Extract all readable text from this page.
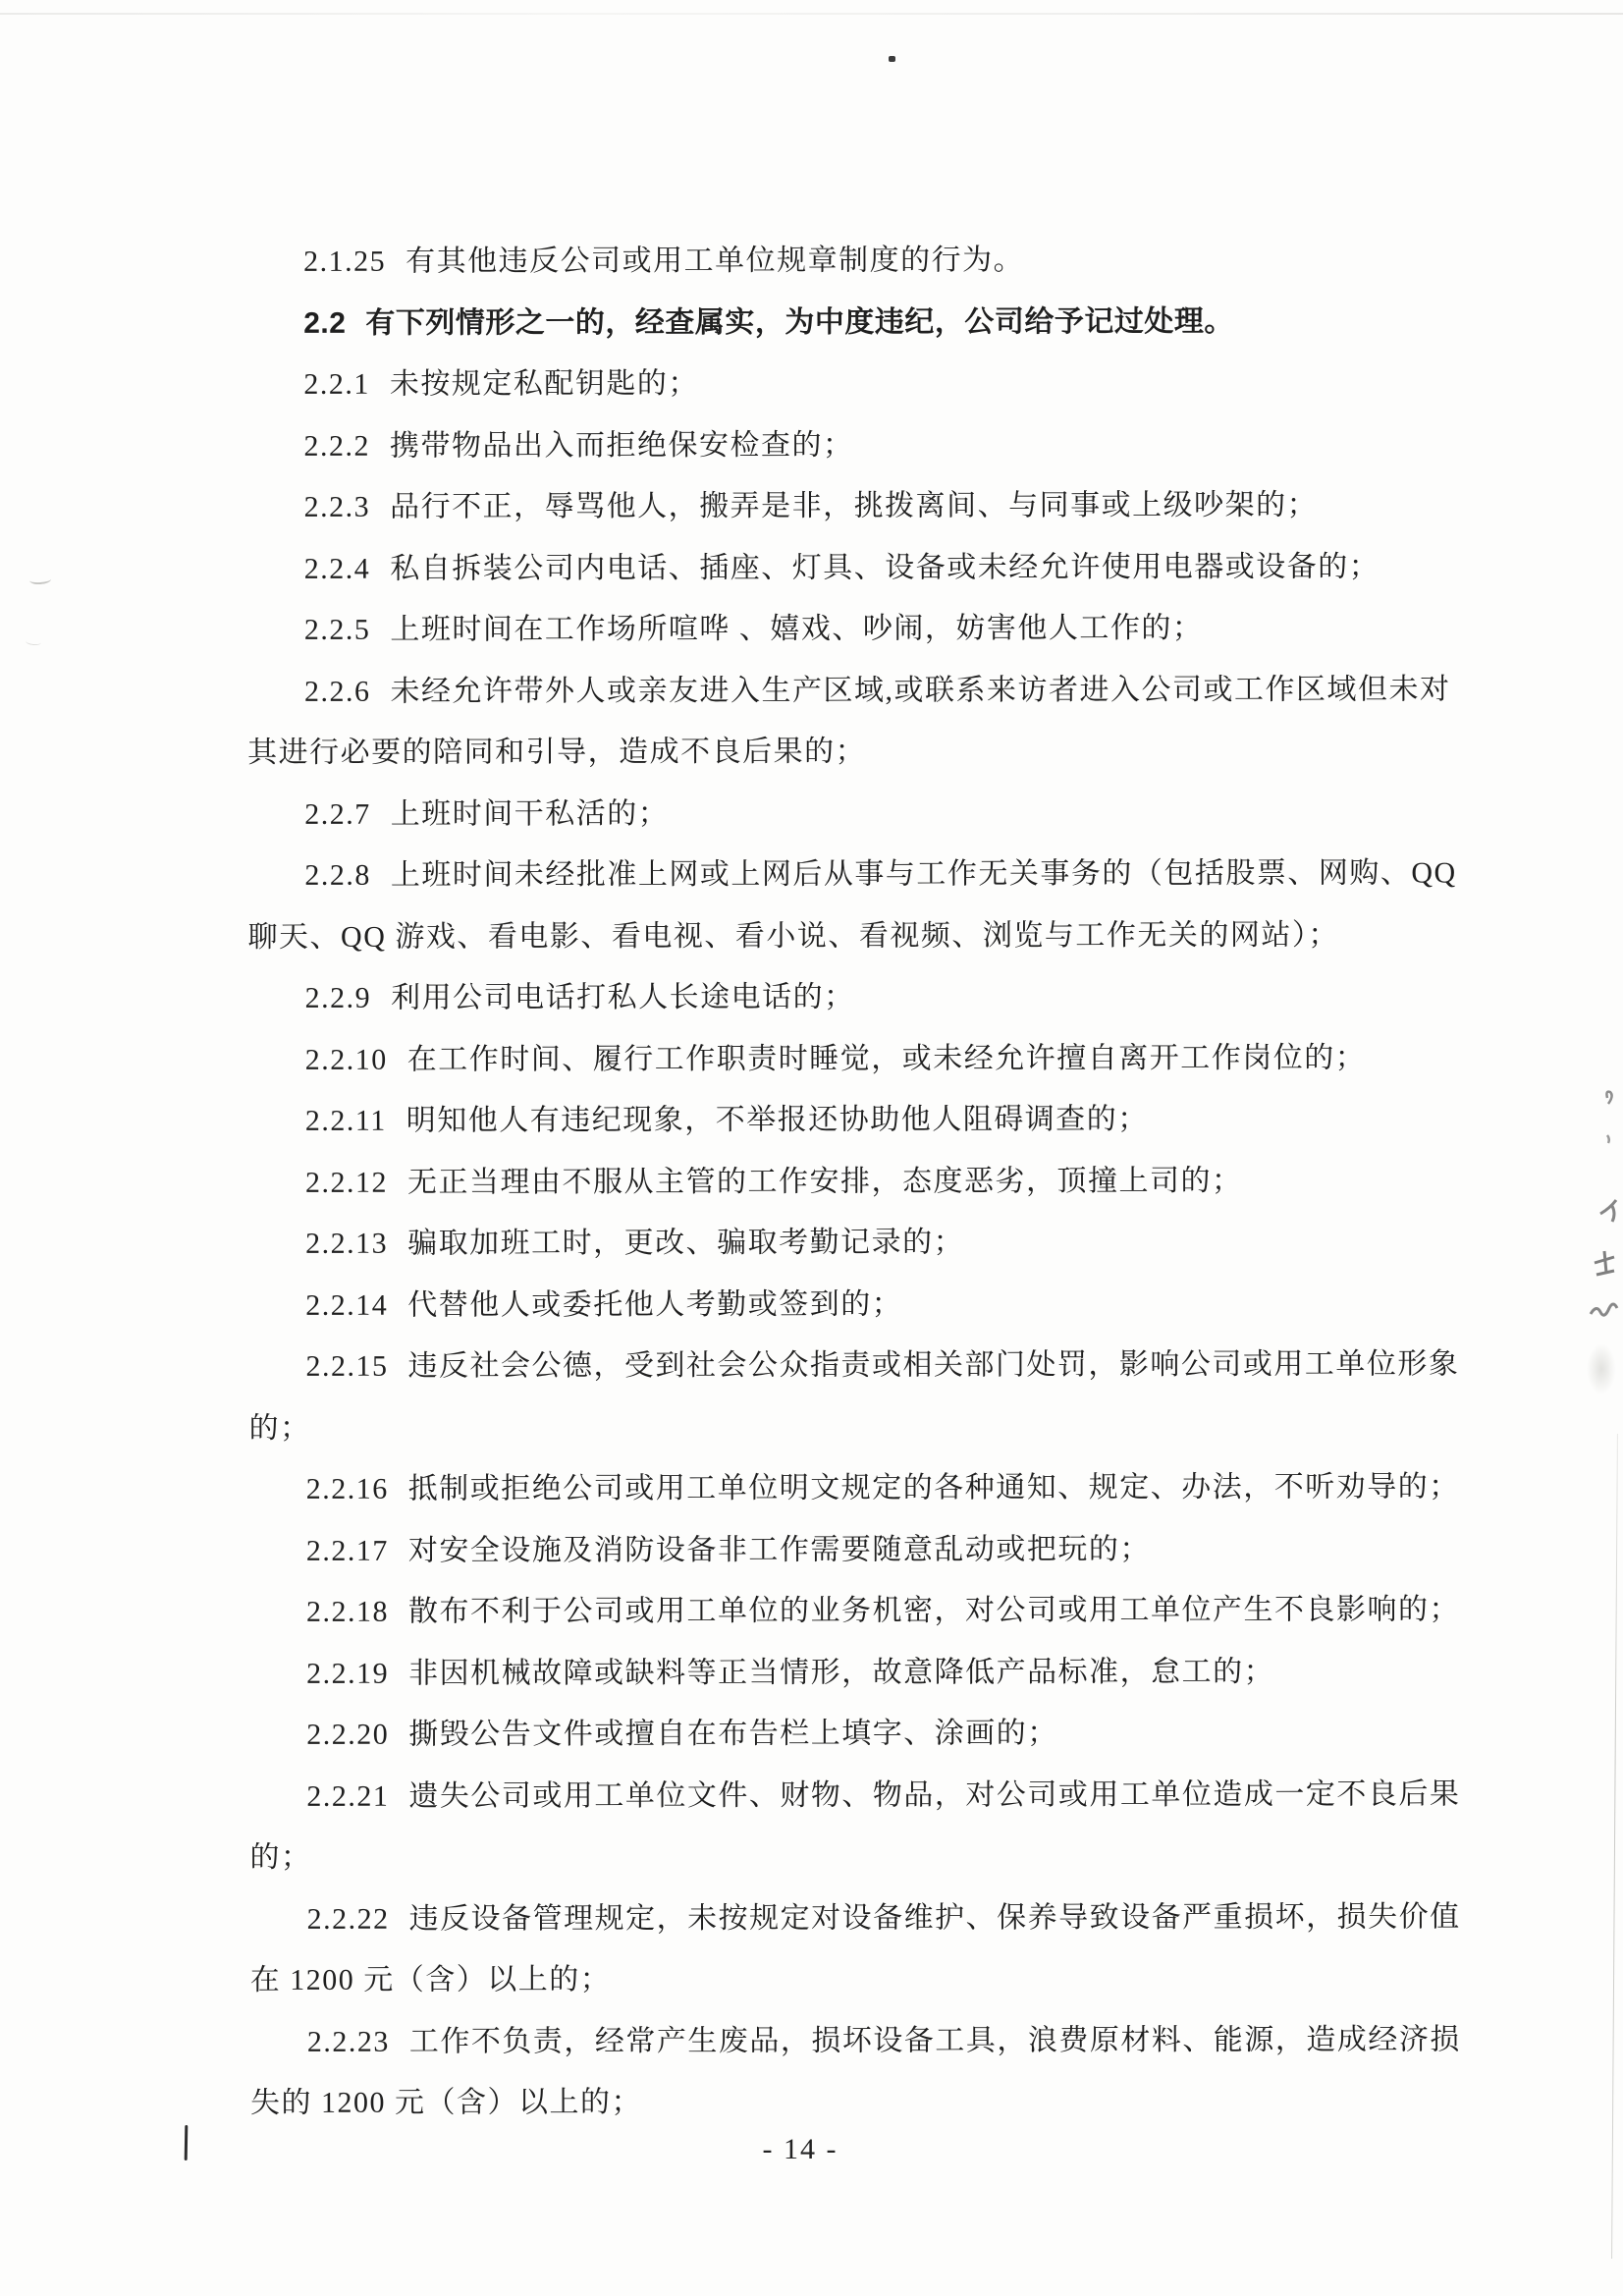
2.1.25 有其他违反公司或用工单位规章制度的行为。
2.2 有下列情形之一的，经查属实，为中度违纪，公司给予记过处理。
2.2.1 未按规定私配钥匙的；
2.2.2 携带物品出入而拒绝保安检查的；
2.2.3 品行不正，辱骂他人，搬弄是非，挑拨离间、与同事或上级吵架的；
2.2.4 私自拆装公司内电话、插座、灯具、设备或未经允许使用电器或设备的；
2.2.5 上班时间在工作场所喧哗 、嬉戏、吵闹，妨害他人工作的；
2.2.6 未经允许带外人或亲友进入生产区域,或联系来访者进入公司或工作区域但未对
其进行必要的陪同和引导，造成不良后果的；
2.2.7 上班时间干私活的；
2.2.8 上班时间未经批准上网或上网后从事与工作无关事务的（包括股票、网购、QQ
聊天、QQ 游戏、看电影、看电视、看小说、看视频、浏览与工作无关的网站）；
2.2.9 利用公司电话打私人长途电话的；
2.2.10 在工作时间、履行工作职责时睡觉，或未经允许擅自离开工作岗位的；
2.2.11 明知他人有违纪现象，不举报还协助他人阻碍调查的；
2.2.12 无正当理由不服从主管的工作安排，态度恶劣，顶撞上司的；
2.2.13 骗取加班工时，更改、骗取考勤记录的；
2.2.14 代替他人或委托他人考勤或签到的；
2.2.15 违反社会公德，受到社会公众指责或相关部门处罚，影响公司或用工单位形象
的；
2.2.16 抵制或拒绝公司或用工单位明文规定的各种通知、规定、办法，不听劝导的；
2.2.17 对安全设施及消防设备非工作需要随意乱动或把玩的；
2.2.18 散布不利于公司或用工单位的业务机密，对公司或用工单位产生不良影响的；
2.2.19 非因机械故障或缺料等正当情形，故意降低产品标准，怠工的；
2.2.20 撕毁公告文件或擅自在布告栏上填字、涂画的；
2.2.21 遗失公司或用工单位文件、财物、物品，对公司或用工单位造成一定不良后果
的；
2.2.22 违反设备管理规定，未按规定对设备维护、保养导致设备严重损坏，损失价值
在 1200 元（含）以上的；
2.2.23 工作不负责，经常产生废品，损坏设备工具，浪费原材料、能源，造成经济损
失的 1200 元（含）以上的；
- 14 -
